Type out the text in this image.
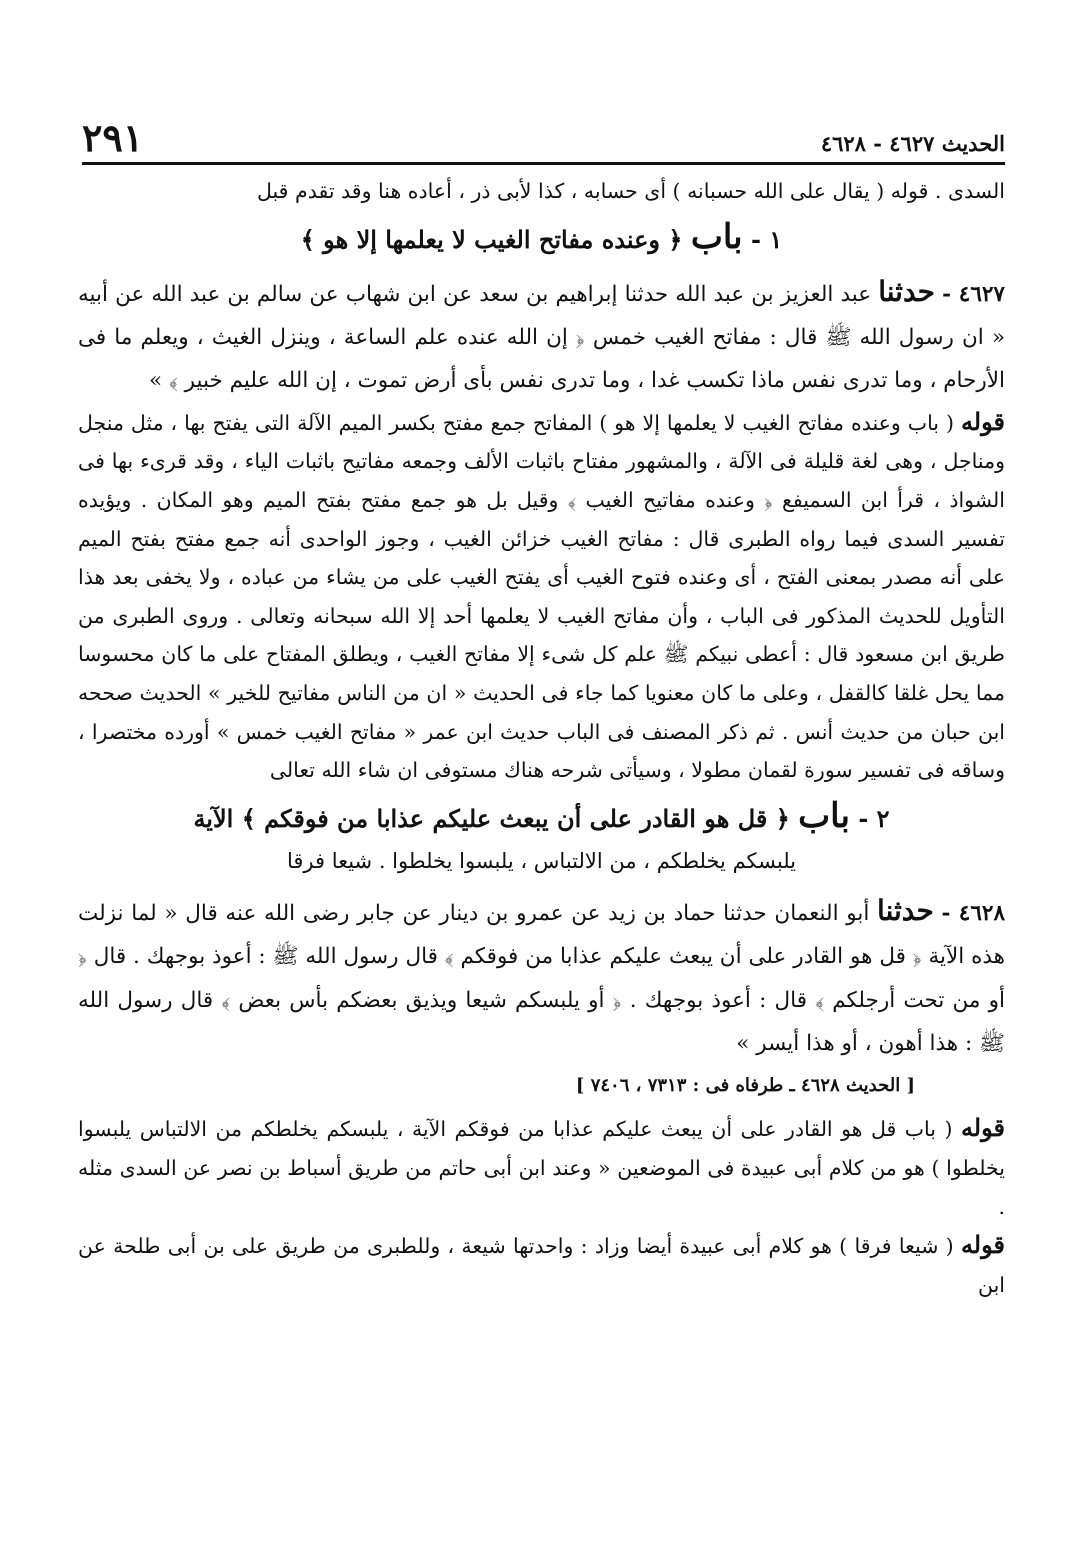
الحديث ٤٦٢٧ - ٤٦٢٨
٢٩١

السدى . قوله ( يقال على الله حسبانه ) أى حسابه ، كذا لأبى ذر ، أعاده هنا وقد تقدم قبل

١ - باب ﴿ وعنده مفاتح الغيب لا يعلمها إلا هو ﴾
٤٦٢٧ - حدثنا عبد العزيز بن عبد الله حدثنا إبراهيم بن سعد عن ابن شهاب عن سالم بن عبد الله عن أبيه « ان رسول الله ﷺ قال : مفاتح الغيب خمس ﴿ إن الله عنده علم الساعة ، وينزل الغيث ، ويعلم ما فى الأرحام ، وما تدرى نفس ماذا تكسب غدا ، وما تدرى نفس بأى أرض تموت ، إن الله عليم خبير ﴾ »

قوله ( باب وعنده مفاتح الغيب لا يعلمها إلا هو ) المفاتح جمع مفتح بكسر الميم الآلة التى يفتح بها ، مثل منجل ومناجل ، وهى لغة قليلة فى الآلة ، والمشهور مفتاح باثبات الألف وجمعه مفاتيح باثبات الياء ، وقد قرىء بها فى الشواذ ، قرأ ابن السميفع ﴿ وعنده مفاتيح الغيب ﴾ وقيل بل هو جمع مفتح بفتح الميم وهو المكان . ويؤيده تفسير السدى فيما رواه الطبرى قال : مفاتح الغيب خزائن الغيب ، وجوز الواحدى أنه جمع مفتح بفتح الميم على أنه مصدر بمعنى الفتح ، أى وعنده فتوح الغيب أى يفتح الغيب على من يشاء من عباده ، ولا يخفى بعد هذا التأويل للحديث المذكور فى الباب ، وأن مفاتح الغيب لا يعلمها أحد إلا الله سبحانه وتعالى . وروى الطبرى من طريق ابن مسعود قال : أعطى نبيكم ﷺ علم كل شىء إلا مفاتح الغيب ، ويطلق المفتاح على ما كان محسوسا مما يحل غلقا كالقفل ، وعلى ما كان معنويا كما جاء فى الحديث « ان من الناس مفاتيح للخير » الحديث صححه ابن حبان من حديث أنس . ثم ذكر المصنف فى الباب حديث ابن عمر « مفاتح الغيب خمس » أورده مختصرا ، وساقه فى تفسير سورة لقمان مطولا ، وسيأتى شرحه هناك مستوفى ان شاء الله تعالى

٢ - باب ﴿ قل هو القادر على أن يبعث عليكم عذابا من فوقكم ﴾ الآية
يلبسكم يخلطكم ، من الالتباس ، يلبسوا يخلطوا . شيعا فرقا
٤٦٢٨ - حدثنا أبو النعمان حدثنا حماد بن زيد عن عمرو بن دينار عن جابر رضى الله عنه قال « لما نزلت هذه الآية ﴿ قل هو القادر على أن يبعث عليكم عذابا من فوقكم ﴾ قال رسول الله ﷺ : أعوذ بوجهك . قال ﴿ أو من تحت أرجلكم ﴾ قال : أعوذ بوجهك . ﴿ أو يلبسكم شيعا ويذيق بعضكم بأس بعض ﴾ قال رسول الله ﷺ : هذا أهون ، أو هذا أيسر »
[ الحديث ٤٦٢٨ ـ طرفاه فى : ٧٣١٣ ، ٧٤٠٦ ]

قوله ( باب قل هو القادر على أن يبعث عليكم عذابا من فوقكم الآية ، يلبسكم يخلطكم من الالتباس يلبسوا يخلطوا ) هو من كلام أبى عبيدة فى الموضعين « وعند ابن أبى حاتم من طريق أسباط بن نصر عن السدى مثله .

قوله ( شيعا فرقا ) هو كلام أبى عبيدة أيضا وزاد : واحدتها شيعة ، وللطبرى من طريق على بن أبى طلحة عن ابن
